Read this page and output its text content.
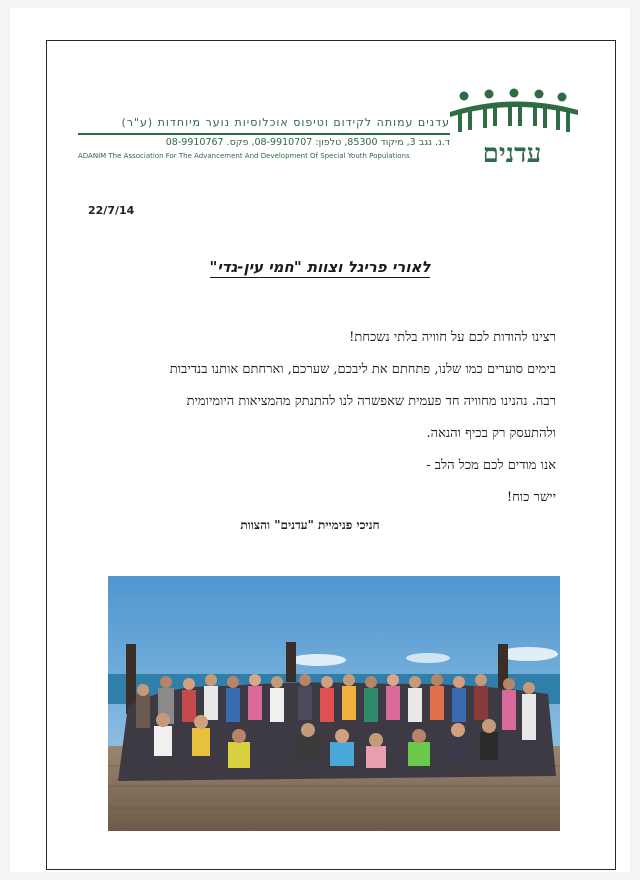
עדנים
עדנים עמותה לקידום וטיפוס אוכלוסיות נוער מיוחדות (ע"ר)
ד.נ. נגב 3, מיקוד 85300, טלפון: 08-9910707, פקס. 08-9910767
ADANIM The Association For The Advancement And Development Of Special Youth Populations
22/7/14
לאורי פריגל וצוות "חמי עין-גדי"

רצינו להודות לכם על חוויה בלתי נשכחת!

בימים סוערים כמו שלנו, פתחתם את ליבכם, שערכם, וארחתם אותנו בנדיבות

רבה. נהנינו מחוויה חד פעמית שאפשרה לנו להתנתק מהמציאות היומיומית

ולהתעסק רק בכיף והנאה.

אנו מודים לכם מכל הלב -

יישר כוח!

חניכי פנימיית "עדנים" והצוות
